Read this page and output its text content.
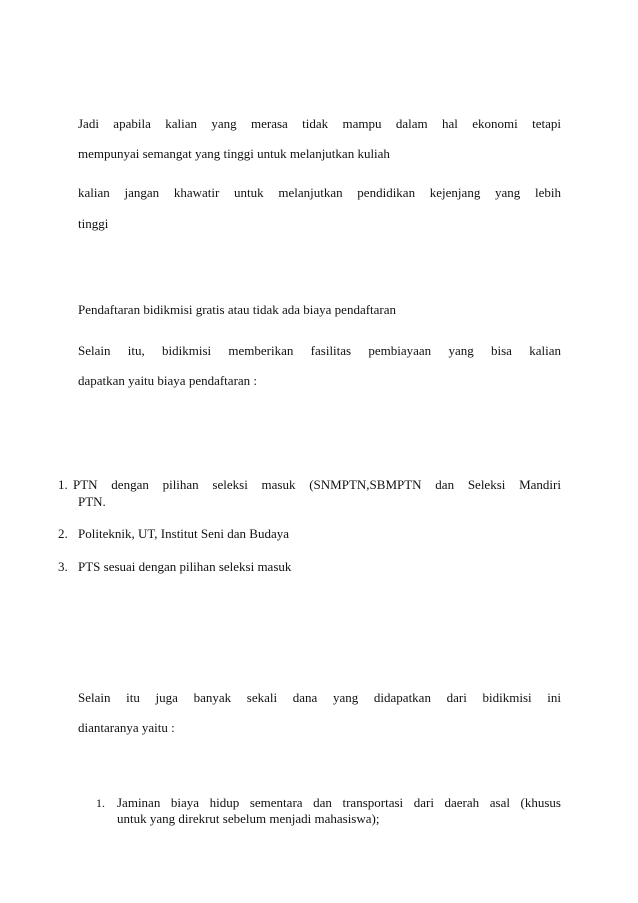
Jadi apabila kalian yang merasa tidak mampu dalam hal ekonomi tetapi

mempunyai semangat yang tinggi untuk melanjutkan kuliah

kalian jangan khawatir untuk melanjutkan pendidikan kejenjang yang lebih

tinggi

Pendaftaran bidikmisi gratis atau tidak ada biaya pendaftaran

Selain itu, bidikmisi memberikan fasilitas pembiayaan yang bisa kalian

dapatkan yaitu biaya pendaftaran :

1. PTN dengan pilihan seleksi masuk (SNMPTN,SBMPTN dan Seleksi Mandiri
PTN.
2. Politeknik, UT, Institut Seni dan Budaya
3. PTS sesuai dengan pilihan seleksi masuk

Selain itu juga banyak sekali dana yang didapatkan dari bidikmisi ini

diantaranya yaitu :

1. Jaminan biaya hidup sementara dan transportasi dari daerah asal (khusus
untuk yang direkrut sebelum menjadi mahasiswa);
